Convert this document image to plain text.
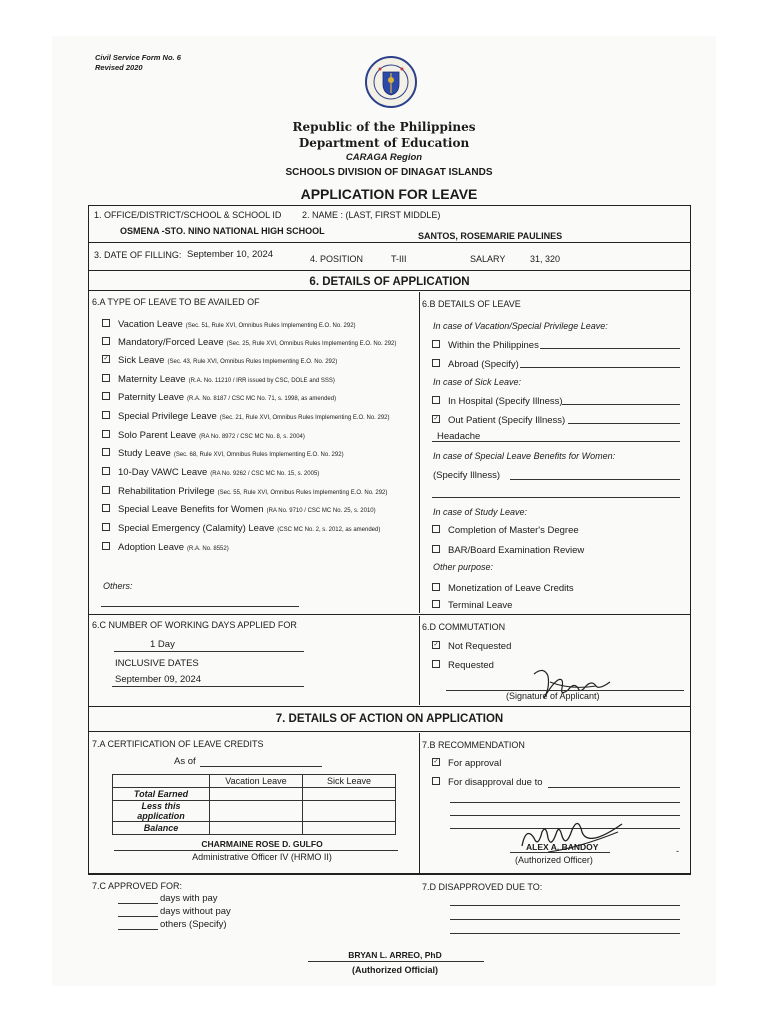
Civil Service Form No. 6
Revised 2020
Republic of the Philippines
Department of Education
CARAGA Region
SCHOOLS DIVISION OF DINAGAT ISLANDS
APPLICATION FOR LEAVE
1. OFFICE/DISTRICT/SCHOOL & SCHOOL ID 2. NAME : (LAST, FIRST MIDDLE)
OSMENA -STO. NINO NATIONAL HIGH SCHOOL	SANTOS, ROSEMARIE PAULINES
3. DATE OF FILLING: September 10, 2024	4. POSITION	T-III	SALARY	31, 320
6. DETAILS OF APPLICATION
6.A TYPE OF LEAVE TO BE AVAILED OF	6.B DETAILS OF LEAVE
Vacation Leave (Sec. 51, Rule XVI, Omnibus Rules Implementing E.O. No. 292)
Mandatory/Forced Leave (Sec. 25, Rule XVI, Omnibus Rules Implementing E.O. No. 292)
✓ Sick Leave (Sec. 43, Rule XVI, Omnibus Rules Implementing E.O. No. 292)
Maternity Leave (R.A. No. 11210 / IRR issued by CSC, DOLE and SSS)
Paternity Leave (R.A. No. 8187 / CSC MC No. 71, s. 1998, as amended)
Special Privilege Leave (Sec. 21, Rule XVI, Omnibus Rules Implementing E.O. No. 292)
Solo Parent Leave (RA No. 8972 / CSC MC No. 8, s. 2004)
Study Leave (Sec. 68, Rule XVI, Omnibus Rules Implementing E.O. No. 292)
10-Day VAWC Leave (RA No. 9262 / CSC MC No. 15, s. 2005)
Rehabilitation Privilege (Sec. 55, Rule XVI, Omnibus Rules Implementing E.O. No. 292)
Special Leave Benefits for Women (RA No. 9710 / CSC MC No. 25, s. 2010)
Special Emergency (Calamity) Leave (CSC MC No. 2, s. 2012, as amended)
Adoption Leave (R.A. No. 8552)
Others:
In case of Vacation/Special Privilege Leave:
Within the Philippines
Abroad (Specify)
In case of Sick Leave:
In Hospital (Specify Illness)
✓ Out Patient (Specify Illness)
Headache
In case of Special Leave Benefits for Women:
(Specify Illness)
In case of Study Leave:
Completion of Master's Degree
BAR/Board Examination Review
Other purpose:
Monetization of Leave Credits
Terminal Leave
6.C NUMBER OF WORKING DAYS APPLIED FOR
1 Day
INCLUSIVE DATES
September 09, 2024
6.D COMMUTATION
✓ Not Requested
Requested
(Signature of Applicant)
7. DETAILS OF ACTION ON APPLICATION
7.A CERTIFICATION OF LEAVE CREDITS
As of
	Vacation Leave	Sick Leave
Total Earned		
Less this application		
Balance		
CHARMAINE ROSE D. GULFO
Administrative Officer IV (HRMO II)
7.B RECOMMENDATION
✓ For approval
For disapproval due to
ALEX A. BANDOY
(Authorized Officer)
-
7.C APPROVED FOR:
days with pay
days without pay
others (Specify)
7.D DISAPPROVED DUE TO:
BRYAN L. ARREO, PhD
(Authorized Official)
